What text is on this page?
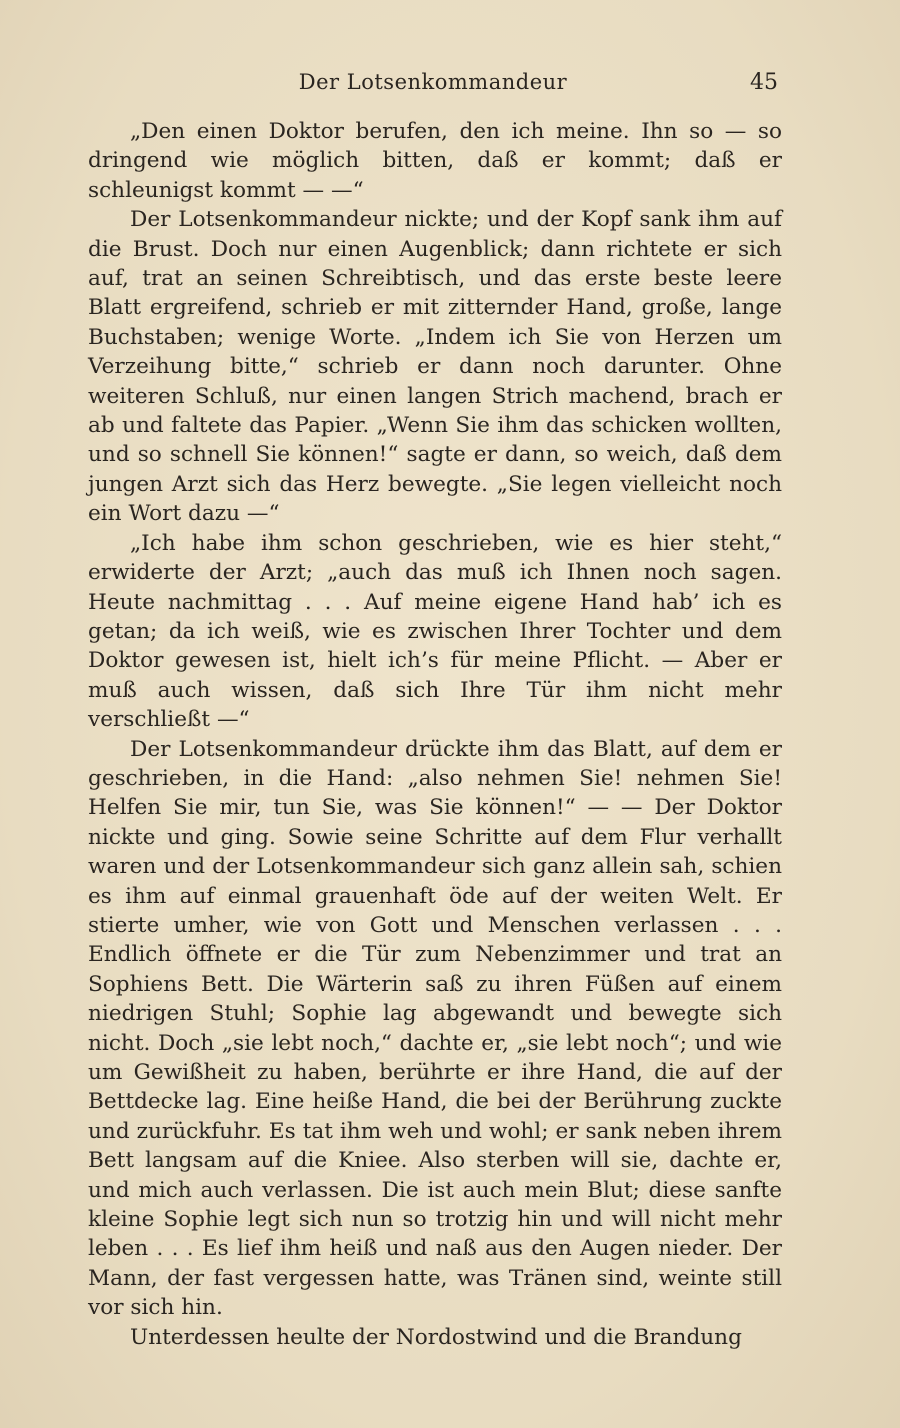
Der Lotsenkommandeur	45

„Den einen Doktor berufen, den ich meine. Ihn so — so dringend wie möglich bitten, daß er kommt; daß er schleunigst kommt — —“

Der Lotsenkommandeur nickte; und der Kopf sank ihm auf die Brust. Doch nur einen Augenblick; dann richtete er sich auf, trat an seinen Schreibtisch, und das erste beste leere Blatt ergreifend, schrieb er mit zitternder Hand, große, lange Buchstaben; wenige Worte. „Indem ich Sie von Herzen um Verzeihung bitte,“ schrieb er dann noch darunter. Ohne weiteren Schluß, nur einen langen Strich machend, brach er ab und faltete das Papier. „Wenn Sie ihm das schicken wollten, und so schnell Sie können!“ sagte er dann, so weich, daß dem jungen Arzt sich das Herz bewegte. „Sie legen vielleicht noch ein Wort dazu —“

„Ich habe ihm schon geschrieben, wie es hier steht,“ erwiderte der Arzt; „auch das muß ich Ihnen noch sagen. Heute nachmittag . . . Auf meine eigene Hand hab’ ich es getan; da ich weiß, wie es zwischen Ihrer Tochter und dem Doktor gewesen ist, hielt ich’s für meine Pflicht. — Aber er muß auch wissen, daß sich Ihre Tür ihm nicht mehr verschließt —“

Der Lotsenkommandeur drückte ihm das Blatt, auf dem er geschrieben, in die Hand: „also nehmen Sie! nehmen Sie! Helfen Sie mir, tun Sie, was Sie können!“ — — Der Doktor nickte und ging. Sowie seine Schritte auf dem Flur verhallt waren und der Lotsenkommandeur sich ganz allein sah, schien es ihm auf einmal grauenhaft öde auf der weiten Welt. Er stierte umher, wie von Gott und Menschen verlassen . . . Endlich öffnete er die Tür zum Nebenzimmer und trat an Sophiens Bett. Die Wärterin saß zu ihren Füßen auf einem niedrigen Stuhl; Sophie lag abgewandt und bewegte sich nicht. Doch „sie lebt noch,“ dachte er, „sie lebt noch“; und wie um Gewißheit zu haben, berührte er ihre Hand, die auf der Bettdecke lag. Eine heiße Hand, die bei der Berührung zuckte und zurückfuhr. Es tat ihm weh und wohl; er sank neben ihrem Bett langsam auf die Kniee. Also sterben will sie, dachte er, und mich auch verlassen. Die ist auch mein Blut; diese sanfte kleine Sophie legt sich nun so trotzig hin und will nicht mehr leben . . . Es lief ihm heiß und naß aus den Augen nieder. Der Mann, der fast vergessen hatte, was Tränen sind, weinte still vor sich hin.

Unterdessen heulte der Nordostwind und die Brandung
